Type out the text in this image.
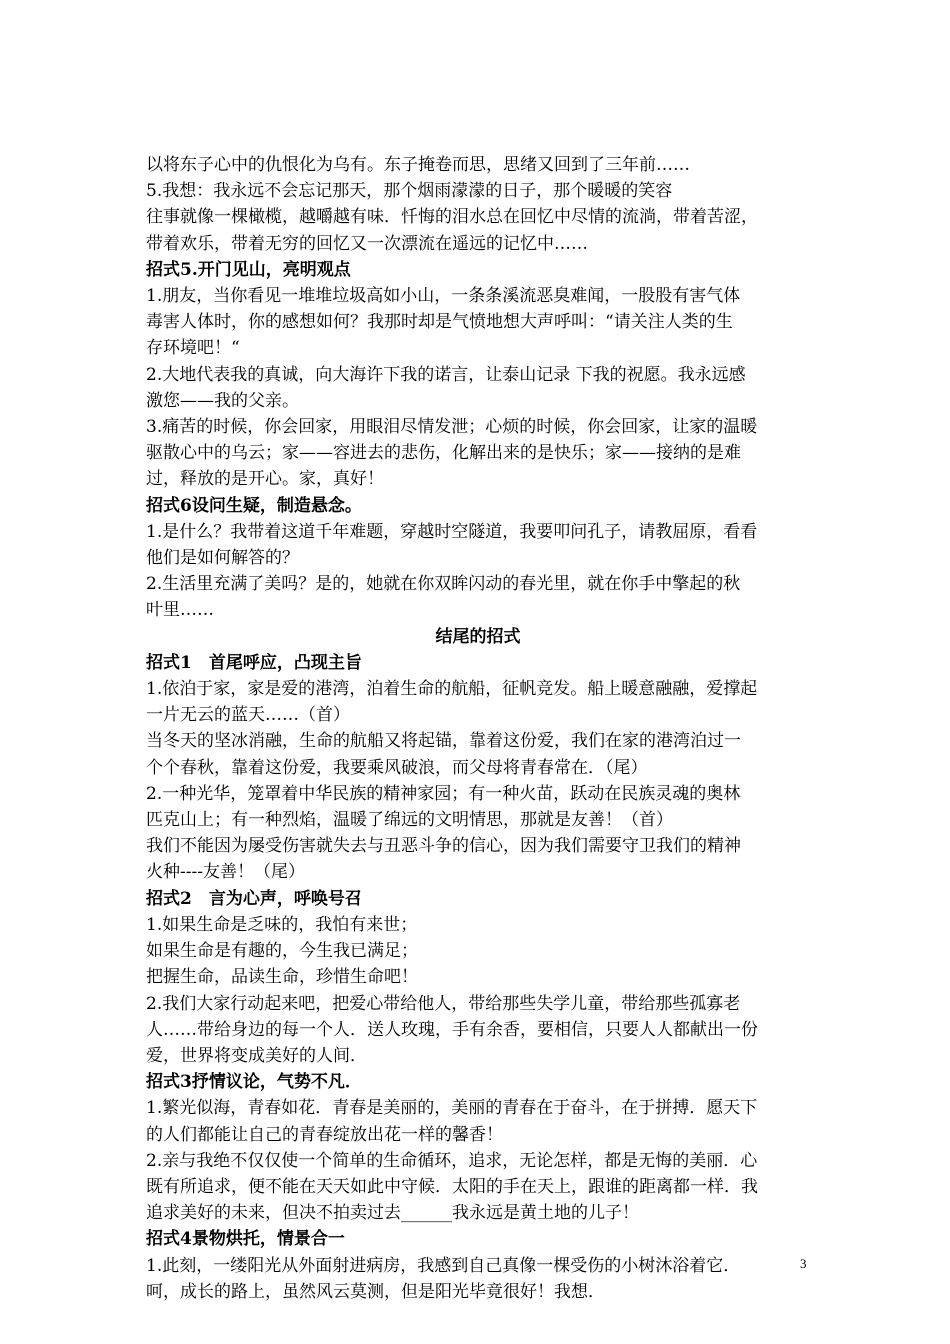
以将东子心中的仇恨化为乌有。东子掩卷而思，思绪又回到了三年前……
5.我想：我永远不会忘记那天，那个烟雨濛濛的日子，那个暖暖的笑容
往事就像一棵橄榄，越嚼越有味．忏悔的泪水总在回忆中尽情的流淌，带着苦涩，
带着欢乐，带着无穷的回忆又一次漂流在遥远的记忆中……
招式5.开门见山，亮明观点
1.朋友，当你看见一堆堆垃圾高如小山，一条条溪流恶臭难闻，一股股有害气体
毒害人体时，你的感想如何？我那时却是气愤地想大声呼叫：“请关注人类的生
存环境吧！“
2.大地代表我的真诚，向大海许下我的诺言，让泰山记录 下我的祝愿。我永远感
激您——我的父亲。
3.痛苦的时候，你会回家，用眼泪尽情发泄；心烦的时候，你会回家，让家的温暖
驱散心中的乌云；家——容进去的悲伤，化解出来的是快乐；家——接纳的是难
过，释放的是开心。家，真好！
招式6设问生疑，制造悬念。
1.是什么？我带着这道千年难题，穿越时空隧道，我要叩问孔子，请教屈原，看看
他们是如何解答的？
2.生活里充满了美吗？是的，她就在你双眸闪动的春光里，就在你手中擎起的秋
叶里……
结尾的招式
招式1　首尾呼应，凸现主旨
1.依泊于家，家是爱的港湾，泊着生命的航船，征帆竞发。船上暖意融融，爱撑起
一片无云的蓝天……（首）
当冬天的坚冰消融，生命的航船又将起锚，靠着这份爱，我们在家的港湾泊过一
个个春秋，靠着这份爱，我要乘风破浪，而父母将青春常在．（尾）
2.一种光华，笼罩着中华民族的精神家园；有一种火苗，跃动在民族灵魂的奥林
匹克山上；有一种烈焰，温暖了绵远的文明情思，那就是友善！（首）
我们不能因为屡受伤害就失去与丑恶斗争的信心，因为我们需要守卫我们的精神
火种----友善！（尾）
招式2　言为心声，呼唤号召
1.如果生命是乏味的，我怕有来世；
如果生命是有趣的，今生我已满足；
把握生命，品读生命，珍惜生命吧！
2.我们大家行动起来吧，把爱心带给他人，带给那些失学儿童，带给那些孤寡老
人……带给身边的每一个人．送人玫瑰，手有余香，要相信，只要人人都献出一份
爱，世界将变成美好的人间．
招式3抒情议论，气势不凡．
1.繁光似海，青春如花．青春是美丽的，美丽的青春在于奋斗，在于拼搏．愿天下
的人们都能让自己的青春绽放出花一样的馨香！
2.亲与我绝不仅仅使一个简单的生命循环，追求，无论怎样，都是无悔的美丽．心
既有所追求，便不能在天天如此中守候．太阳的手在天上，跟谁的距离都一样．我
追求美好的未来，但决不拍卖过去______我永远是黄土地的儿子！
招式4景物烘托，情景合一
1.此刻，一缕阳光从外面射进病房，我感到自己真像一棵受伤的小树沐浴着它．
呵，成长的路上，虽然风云莫测，但是阳光毕竟很好！我想．
3
